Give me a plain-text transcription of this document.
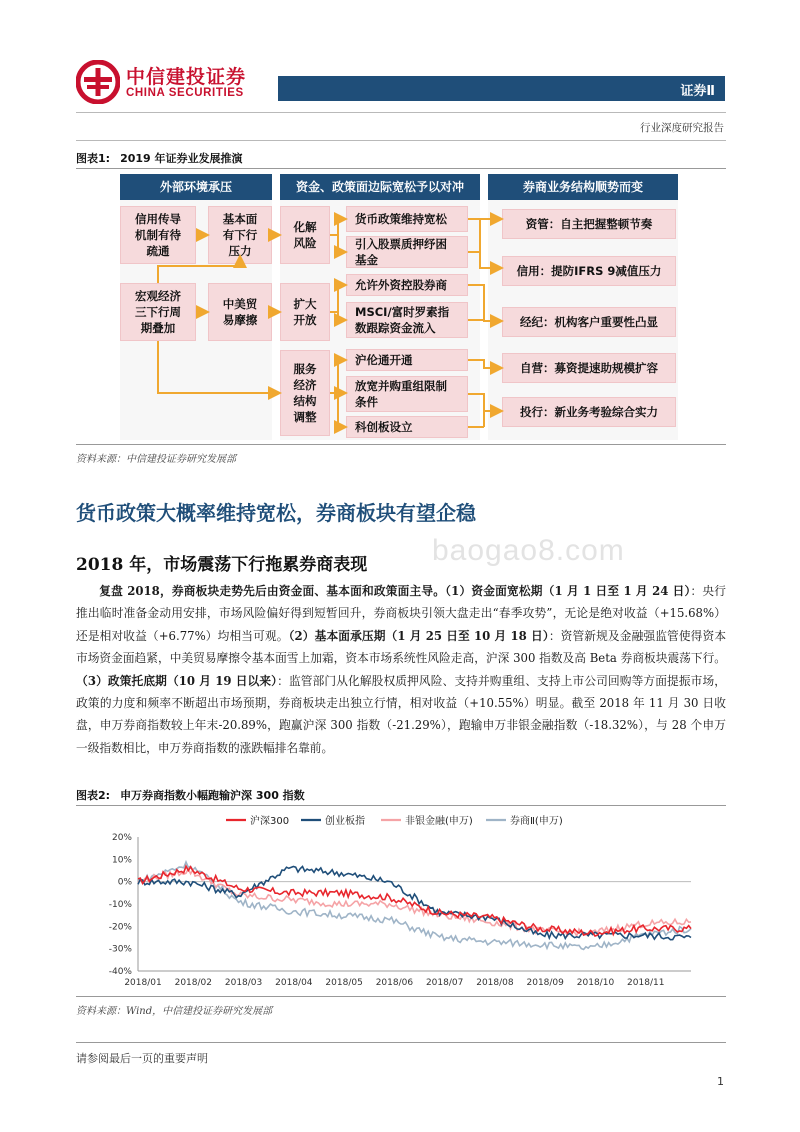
中信建投证券
CHINA SECURITIES	证券Ⅱ
行业深度研究报告
图表1: 2019 年证券业发展推演
外部环境承压	资金、政策面边际宽松予以对冲	券商业务结构顺势而变
信用传导
机制有待
疏通
基本面
有下行
压力
宏观经济
三下行周
期叠加
中美贸
易摩擦
化解
风险
扩大
开放
服务
经济
结构
调整
货币政策维持宽松
引入股票质押纾困
基金
允许外资控股券商
MSCI/富时罗素指
数跟踪资金流入
沪伦通开通
放宽并购重组限制
条件
科创板设立
资管：自主把握整顿节奏
信用：提防IFRS 9减值压力
经纪：机构客户重要性凸显
自营：募资提速助规模扩容
投行：新业务考验综合实力
资料来源：中信建投证券研究发展部
货币政策大概率维持宽松，券商板块有望企稳
baogao8.com
2018 年，市场震荡下行拖累券商表现
复盘 2018，券商板块走势先后由资金面、基本面和政策面主导。（1）资金面宽松期（1 月 1 日至 1 月 24 日）：央行推出临时准备金动用安排，市场风险偏好得到短暂回升，券商板块引领大盘走出“春季攻势”，无论是绝对收益（+15.68%）还是相对收益（+6.77%）均相当可观。（2）基本面承压期（1 月 25 日至 10 月 18 日）：资管新规及金融强监管使得资本市场资金面趋紧，中美贸易摩擦令基本面雪上加霜，资本市场系统性风险走高，沪深 300 指数及高 Beta 券商板块震荡下行。（3）政策托底期（10 月 19 日以来）：监管部门从化解股权质押风险、支持并购重组、支持上市公司回购等方面提振市场，政策的力度和频率不断超出市场预期，券商板块走出独立行情，相对收益（+10.55%）明显。截至 2018 年 11 月 30 日收盘，申万券商指数较上年末-20.89%，跑赢沪深 300 指数（-21.29%），跑输申万非银金融指数（-18.32%），与 28 个申万一级指数相比，申万券商指数的涨跌幅排名靠前。
图表2: 申万券商指数小幅跑输沪深 300 指数
20%
10%
0%
-10%
-20%
-30%
-40%
2018/01 2018/02 2018/03 2018/04 2018/05 2018/06 2018/07 2018/08 2018/09 2018/10 2018/11
沪深300	创业板指	非银金融(申万)	券商Ⅱ(申万)
资料来源：Wind，中信建投证券研究发展部
请参阅最后一页的重要声明
1
